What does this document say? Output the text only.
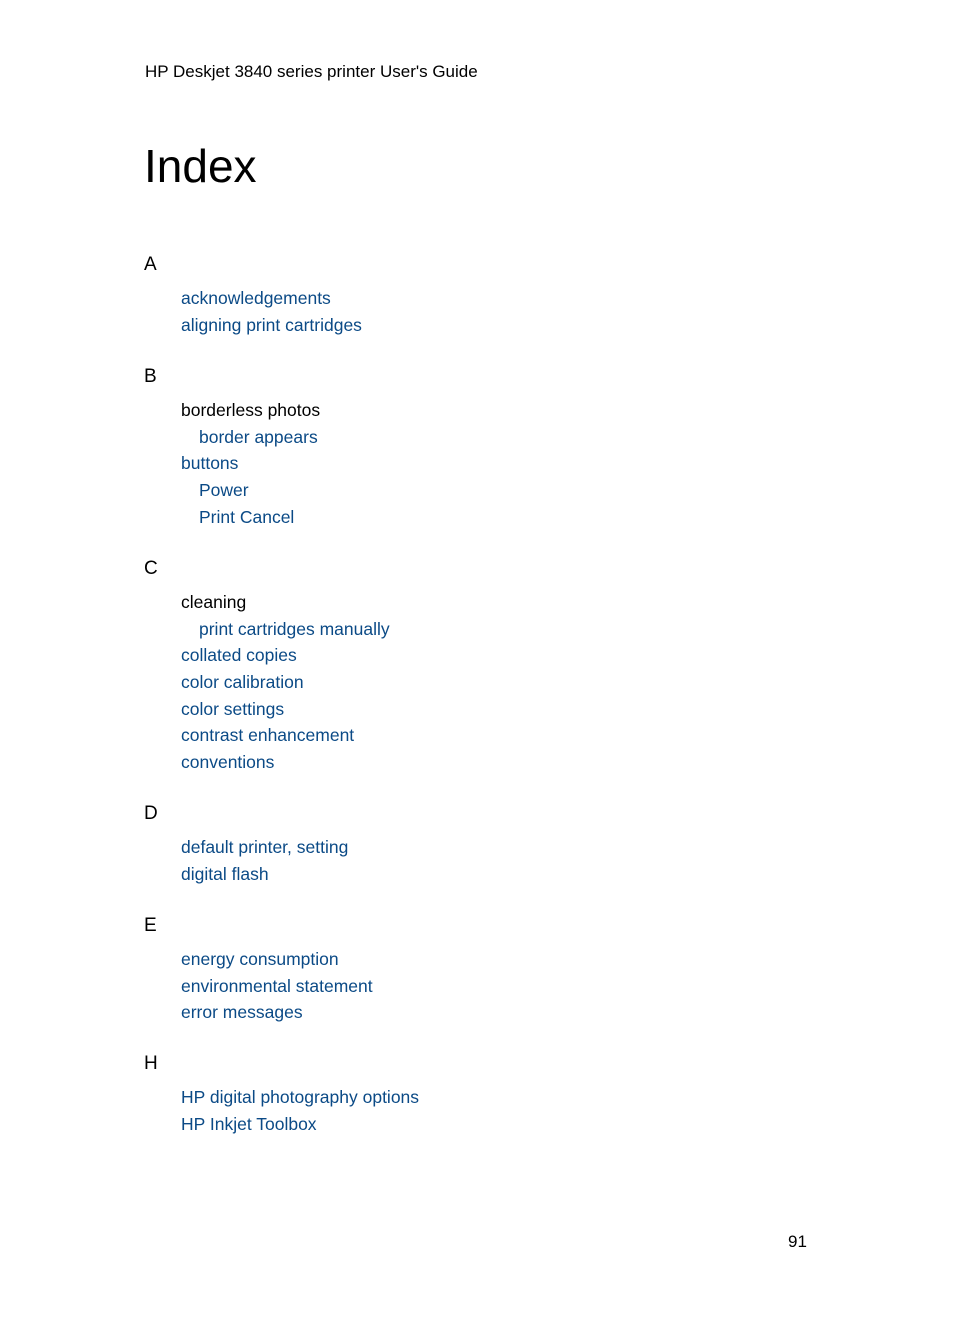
HP Deskjet 3840 series printer User's Guide
Index
A
acknowledgements
aligning print cartridges
B
borderless photos
border appears
buttons
Power
Print Cancel
C
cleaning
print cartridges manually
collated copies
color calibration
color settings
contrast enhancement
conventions
D
default printer, setting
digital flash
E
energy consumption
environmental statement
error messages
H
HP digital photography options
HP Inkjet Toolbox
91
